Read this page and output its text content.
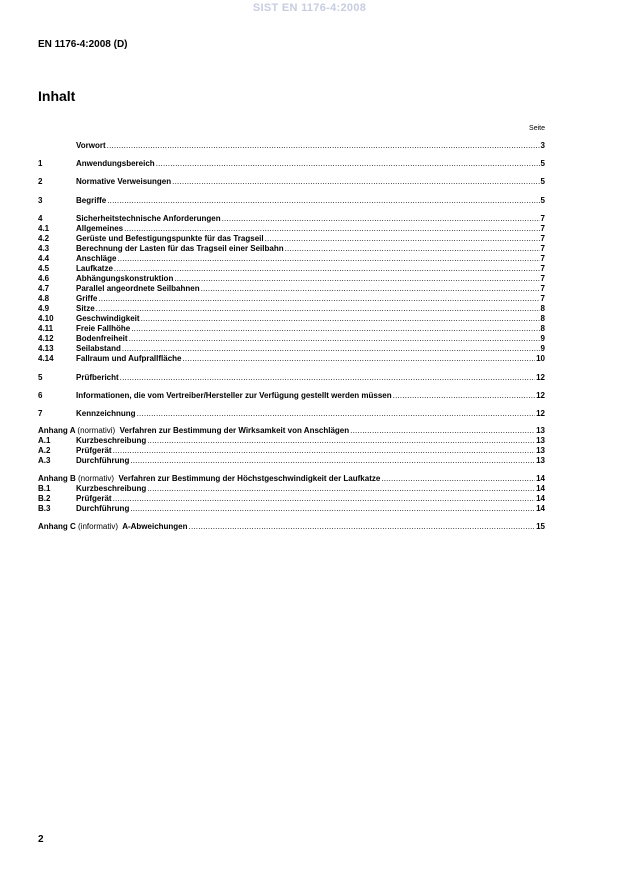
SIST EN 1176-4:2008
EN 1176-4:2008 (D)
Inhalt
Seite
Vorwort .....	3
1	Anwendungsbereich .....	5
2	Normative Verweisungen .....	5
3	Begriffe .....	5
4	Sicherheitstechnische Anforderungen .....	7
4.1	Allgemeines .....	7
4.2	Gerüste und Befestigungspunkte für das Tragseil .....	7
4.3	Berechnung der Lasten für das Tragseil einer Seilbahn .....	7
4.4	Anschläge .....	7
4.5	Laufkatze .....	7
4.6	Abhängungskonstruktion .....	7
4.7	Parallel angeordnete Seilbahnen .....	7
4.8	Griffe .....	7
4.9	Sitze .....	8
4.10	Geschwindigkeit .....	8
4.11	Freie Fallhöhe .....	8
4.12	Bodenfreiheit .....	9
4.13	Seilabstand .....	9
4.14	Fallraum und Aufprallfläche .....	10
5	Prüfbericht .....	12
6	Informationen, die vom Vertreiber/Hersteller zur Verfügung gestellt werden müssen .....	12
7	Kennzeichnung .....	12
Anhang A (normativi) Verfahren zur Bestimmung der Wirksamkeit von Anschlägen .....	13
A.1	Kurzbeschreibung .....	13
A.2	Prüfgerät .....	13
A.3	Durchführung .....	13
Anhang B (normativ) Verfahren zur Bestimmung der Höchstgeschwindigkeit der Laufkatze .....	14
B.1	Kurzbeschreibung .....	14
B.2	Prüfgerät .....	14
B.3	Durchführung .....	14
Anhang C (informativ) A-Abweichungen .....	15
2
